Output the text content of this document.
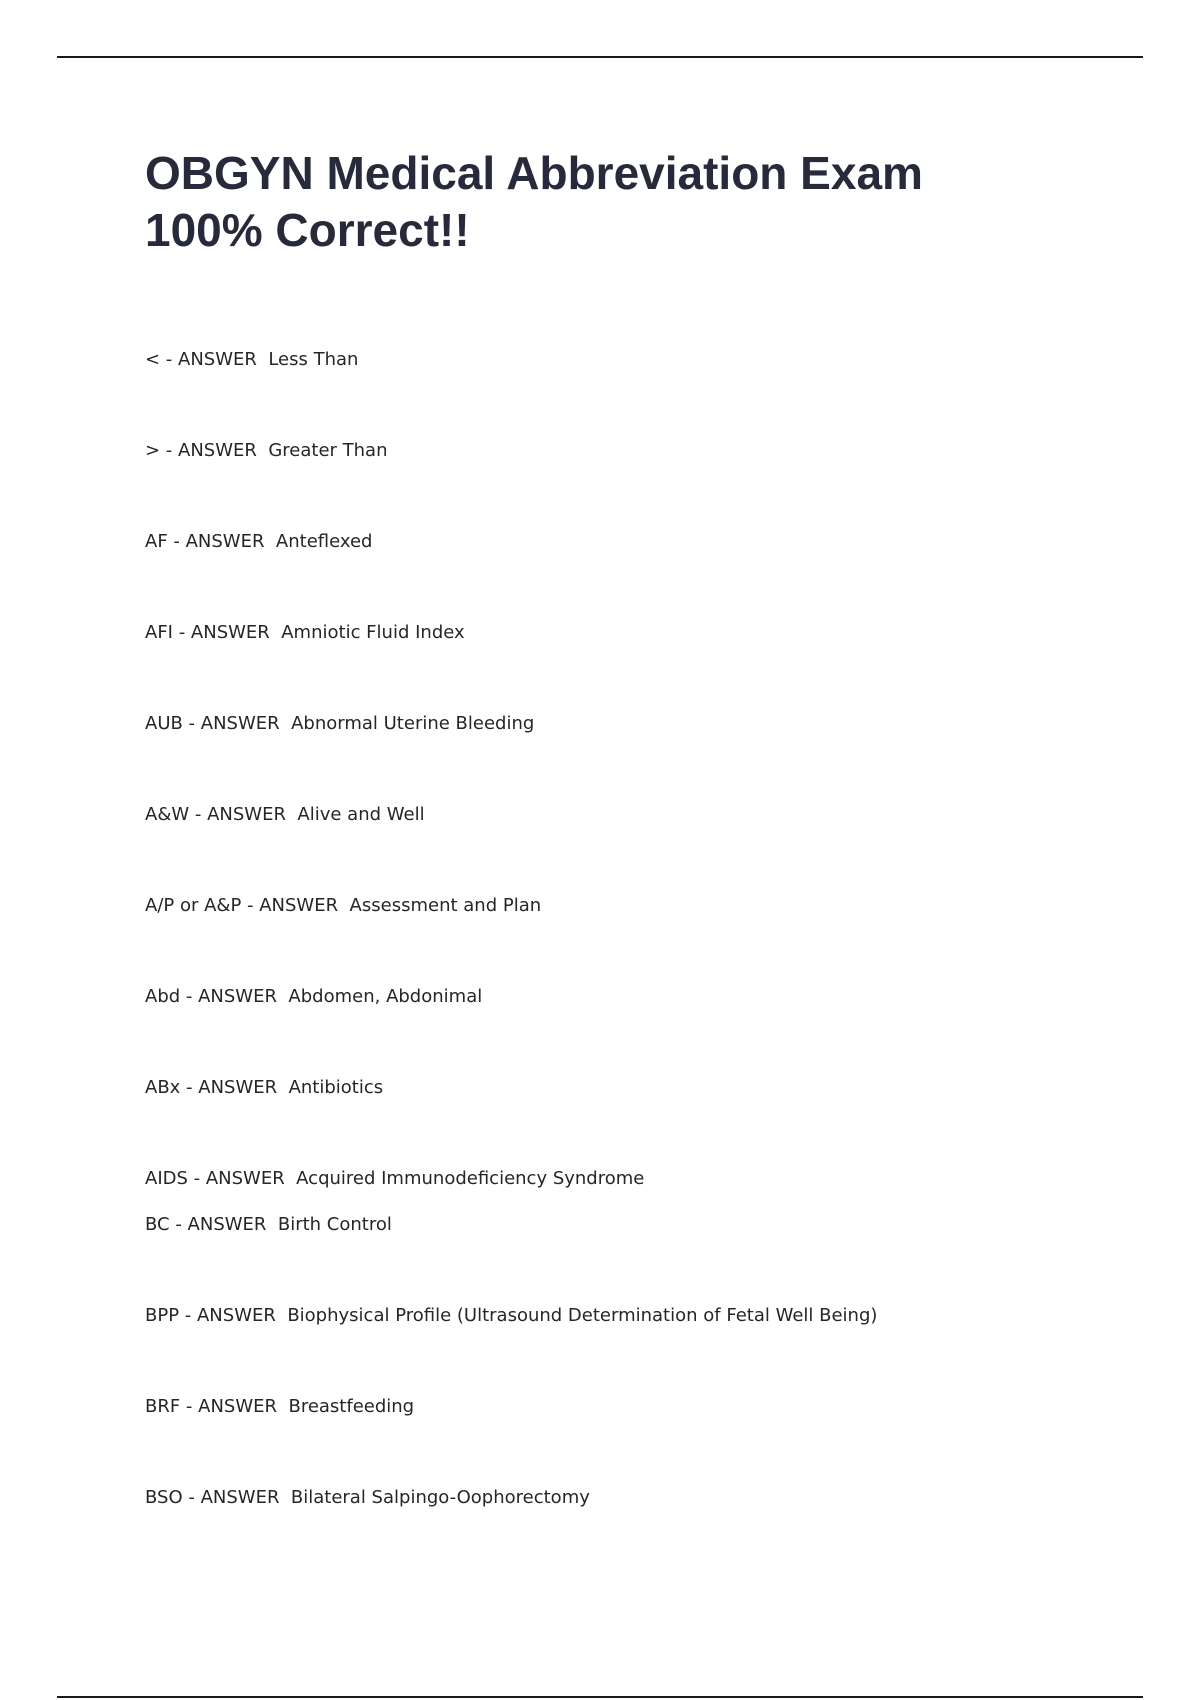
OBGYN Medical Abbreviation Exam 100% Correct!!

< - ANSWER  Less Than

> - ANSWER  Greater Than

AF - ANSWER  Anteflexed

AFI - ANSWER  Amniotic Fluid Index

AUB - ANSWER  Abnormal Uterine Bleeding

A&W - ANSWER  Alive and Well

A/P or A&P - ANSWER  Assessment and Plan

Abd - ANSWER  Abdomen, Abdonimal

ABx - ANSWER  Antibiotics

AIDS - ANSWER  Acquired Immunodeficiency Syndrome

BC - ANSWER  Birth Control

BPP - ANSWER  Biophysical Profile (Ultrasound Determination of Fetal Well Being)

BRF - ANSWER  Breastfeeding

BSO - ANSWER  Bilateral Salpingo-Oophorectomy
